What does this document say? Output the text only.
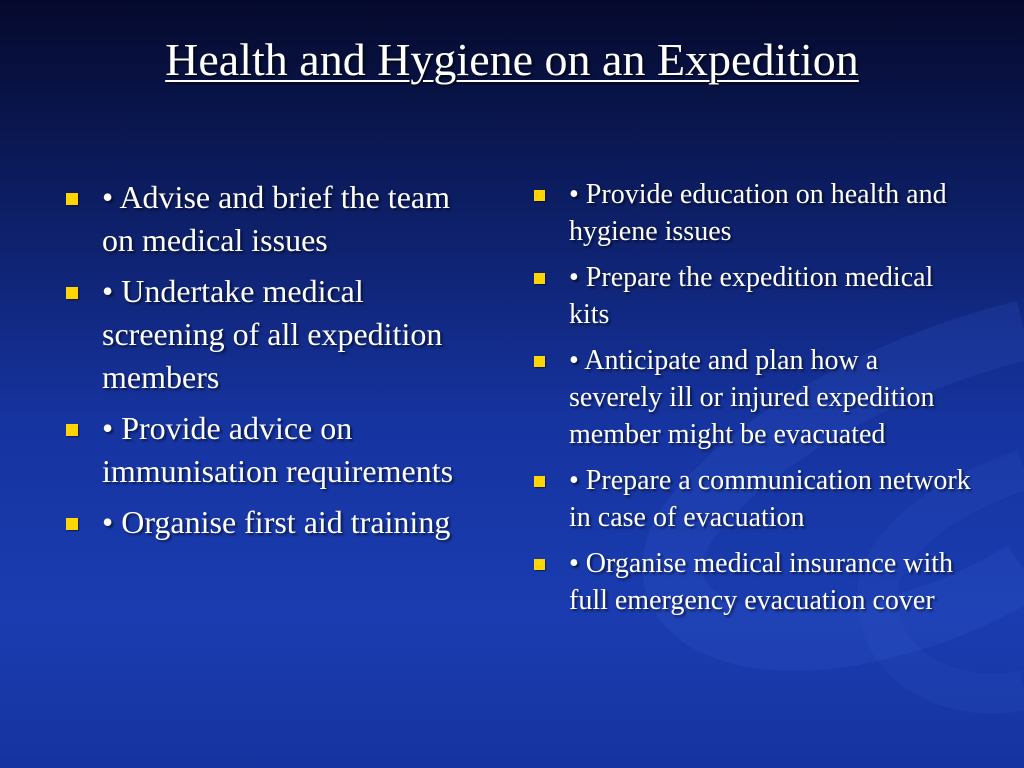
Health and Hygiene on an Expedition
• Advise and brief the team on medical issues
• Undertake medical screening of all expedition members
• Provide advice on immunisation requirements
• Organise first aid training
• Provide education on health and hygiene issues
• Prepare the expedition medical kits
• Anticipate and plan how a severely ill or injured expedition member might be evacuated
• Prepare a communication network in case of evacuation
• Organise medical insurance with full emergency evacuation cover
